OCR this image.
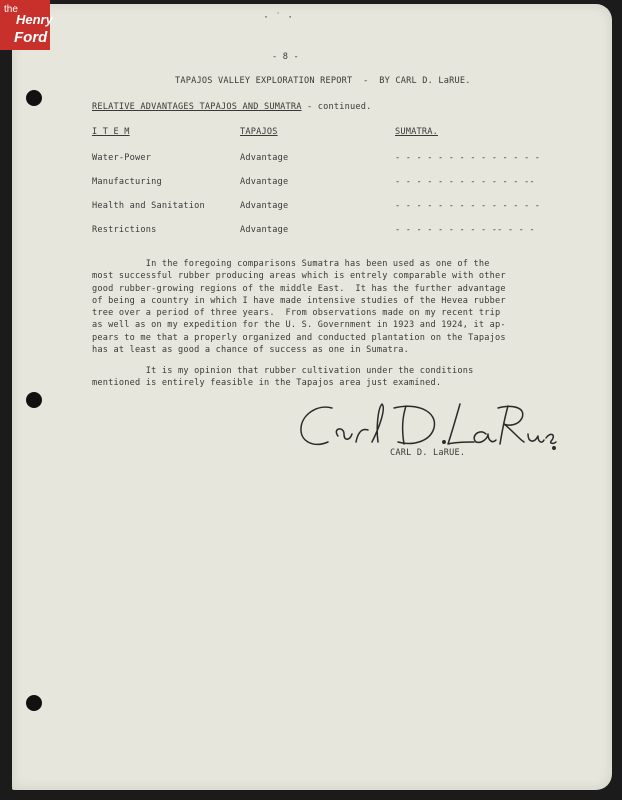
the
Henry
Ford
· ˙ ·
- 8 -
TAPAJOS VALLEY EXPLORATION REPORT  -  BY CARL D. LaRUE.
RELATIVE ADVANTAGES TAPAJOS AND SUMATRA - continued.
I T E M	TAPAJOS	SUMATRA.
Water-Power	Advantage	- - - - - - - - - - - - - -
Manufacturing	Advantage	- - - - - - - - - - - - --
Health and Sanitation	Advantage	- - - - - - - - - - - - - -
Restrictions	Advantage	- - - - - - - - - -- - - -
In the foregoing comparisons Sumatra has been used as one of the
most successful rubber producing areas which is entrely comparable with other
good rubber-growing regions of the middle East.  It has the further advantage
of being a country in which I have made intensive studies of the Hevea rubber
tree over a period of three years.  From observations made on my recent trip
as well as on my expedition for the U. S. Government in 1923 and 1924, it ap-
pears to me that a properly organized and conducted plantation on the Tapajos
has at least as good a chance of success as one in Sumatra.
It is my opinion that rubber cultivation under the conditions
mentioned is entirely feasible in the Tapajos area just examined.
CARL D. LaRUE.
